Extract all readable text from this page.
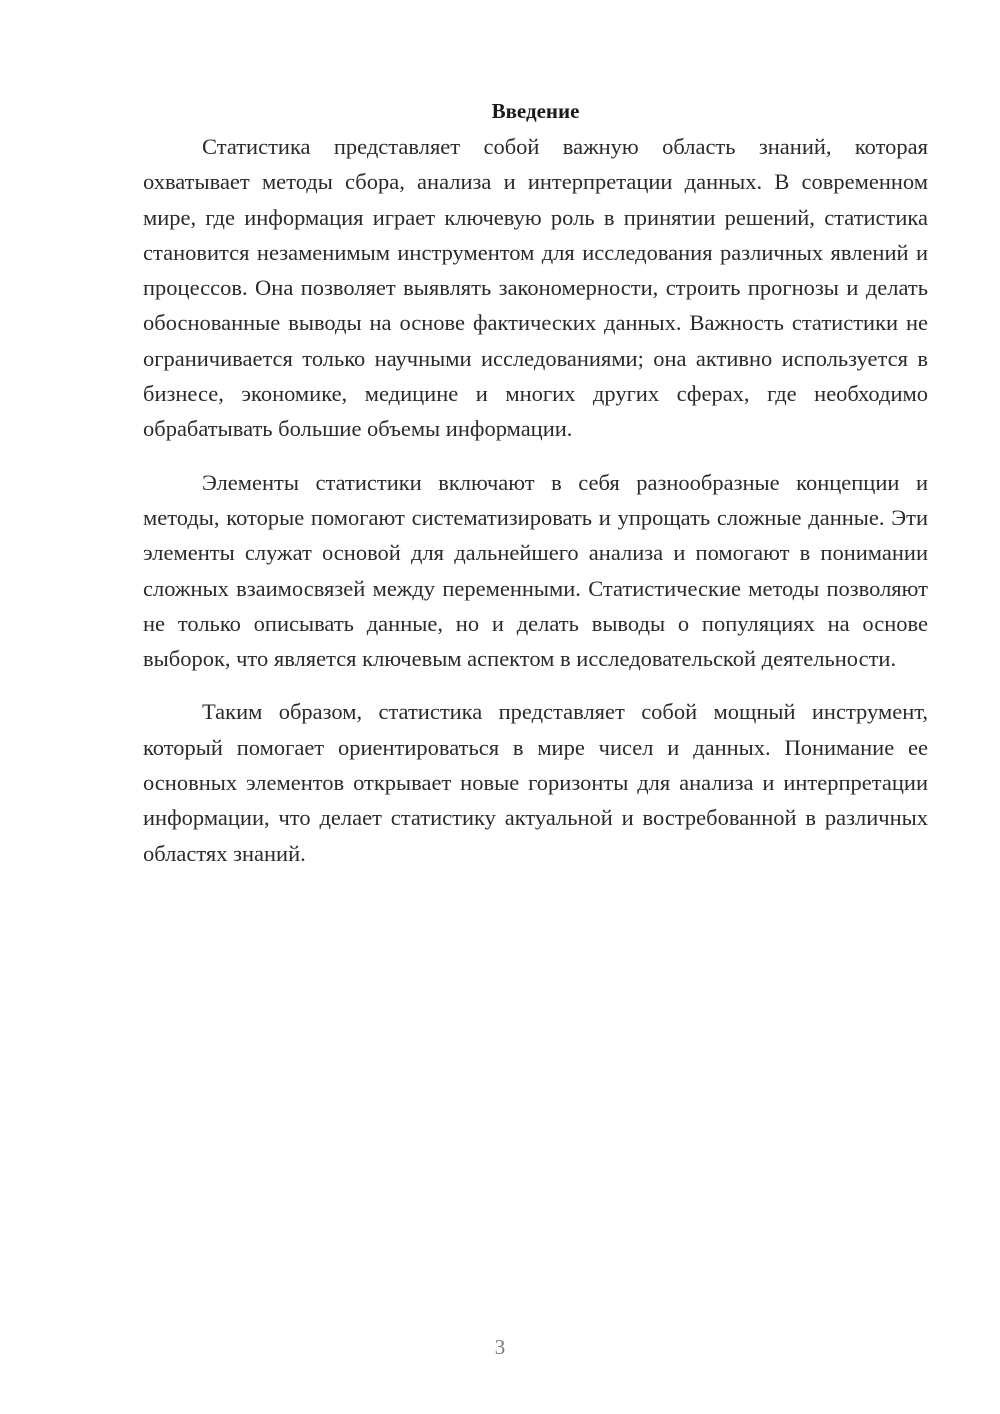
Введение

Статистика представляет собой важную область знаний, которая охватывает методы сбора, анализа и интерпретации данных. В современном мире, где информация играет ключевую роль в принятии решений, статистика становится незаменимым инструментом для исследования различных явлений и процессов. Она позволяет выявлять закономерности, строить прогнозы и делать обоснованные выводы на основе фактических данных. Важность статистики не ограничивается только научными исследованиями; она активно используется в бизнесе, экономике, медицине и многих других сферах, где необходимо обрабатывать большие объемы информации.

Элементы статистики включают в себя разнообразные концепции и методы, которые помогают систематизировать и упрощать сложные данные. Эти элементы служат основой для дальнейшего анализа и помогают в понимании сложных взаимосвязей между переменными. Статистические методы позволяют не только описывать данные, но и делать выводы о популяциях на основе выборок, что является ключевым аспектом в исследовательской деятельности.

Таким образом, статистика представляет собой мощный инструмент, который помогает ориентироваться в мире чисел и данных. Понимание ее основных элементов открывает новые горизонты для анализа и интерпретации информации, что делает статистику актуальной и востребованной в различных областях знаний.

3
